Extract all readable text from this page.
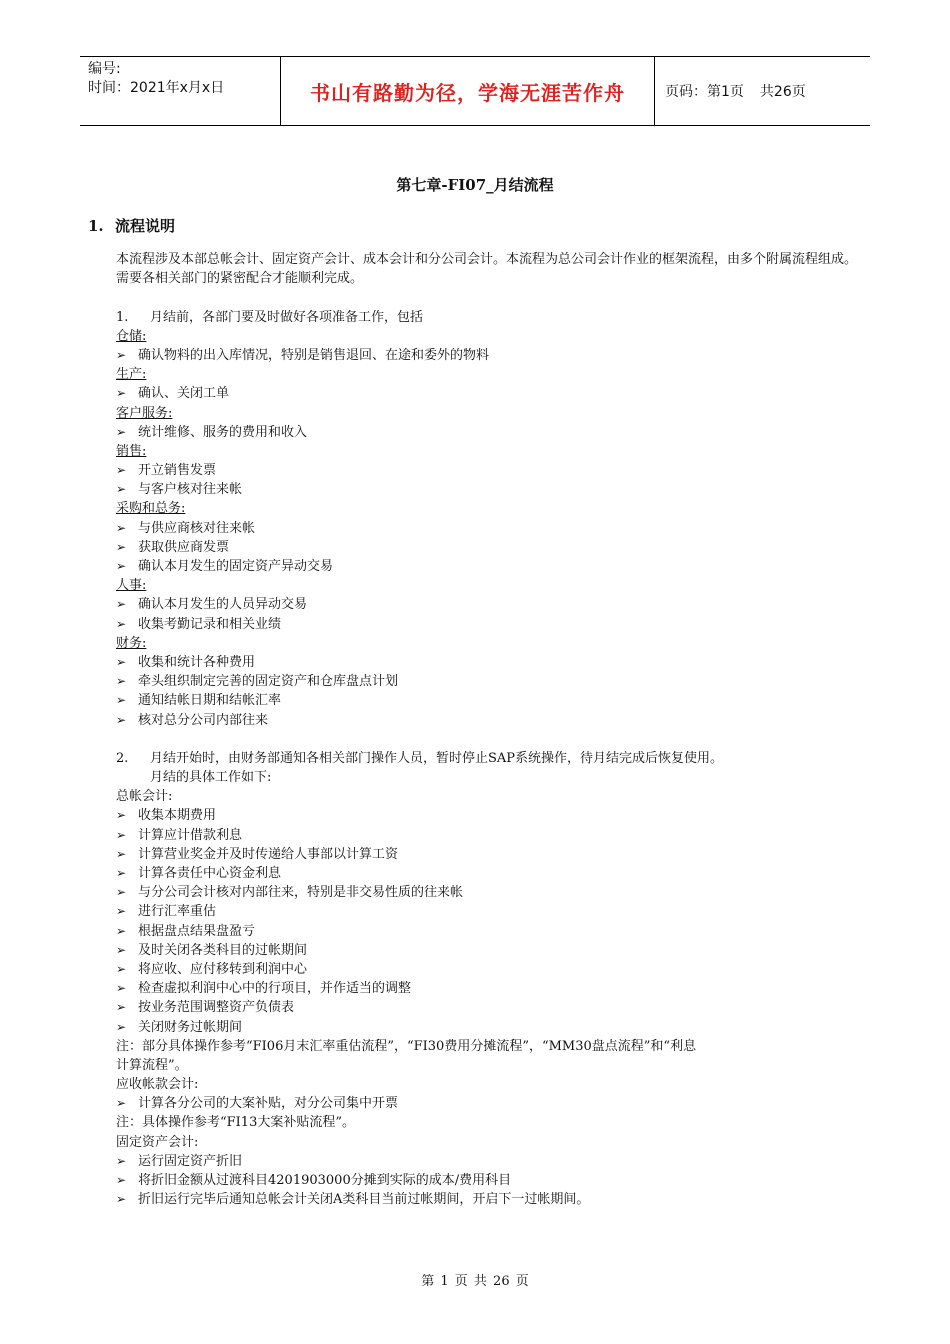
编号:
时间：2021年x月x日	书山有路勤为径，学海无涯苦作舟	页码：第1页 共26页
第七章-FI07_月结流程
1. 流程说明

本流程涉及本部总帐会计、固定资产会计、成本会计和分公司会计。本流程为总公司会计作业的框架流程，由多个附属流程组成。需要各相关部门的紧密配合才能顺利完成。

1. 月结前，各部门要及时做好各项准备工作，包括
仓储:
➢ 确认物料的出入库情况，特别是销售退回、在途和委外的物料
生产:
➢ 确认、关闭工单
客户服务:
➢ 统计维修、服务的费用和收入
销售:
➢ 开立销售发票
➢ 与客户核对往来帐
采购和总务:
➢ 与供应商核对往来帐
➢ 获取供应商发票
➢ 确认本月发生的固定资产异动交易
人事:
➢ 确认本月发生的人员异动交易
➢ 收集考勤记录和相关业绩
财务:
➢ 收集和统计各种费用
➢ 牵头组织制定完善的固定资产和仓库盘点计划
➢ 通知结帐日期和结帐汇率
➢ 核对总分公司内部往来
2. 月结开始时，由财务部通知各相关部门操作人员，暂时停止SAP系统操作，待月结完成后恢复使用。
月结的具体工作如下:
总帐会计:
➢ 收集本期费用
➢ 计算应计借款利息
➢ 计算营业奖金并及时传递给人事部以计算工资
➢ 计算各责任中心资金利息
➢ 与分公司会计核对内部往来，特别是非交易性质的往来帐
➢ 进行汇率重估
➢ 根据盘点结果盘盈亏
➢ 及时关闭各类科目的过帐期间
➢ 将应收、应付移转到利润中心
➢ 检查虚拟利润中心中的行项目，并作适当的调整
➢ 按业务范围调整资产负债表
➢ 关闭财务过帐期间
注：部分具体操作参考“FI06月末汇率重估流程”，“FI30费用分摊流程”，“MM30盘点流程”和“利息
计算流程”。
应收帐款会计:
➢ 计算各分公司的大案补贴，对分公司集中开票
注：具体操作参考“FI13大案补贴流程”。
固定资产会计:
➢ 运行固定资产折旧
➢ 将折旧金额从过渡科目4201903000分摊到实际的成本/费用科目
➢ 折旧运行完毕后通知总帐会计关闭A类科目当前过帐期间，开启下一过帐期间。
第 1 页 共 26 页
